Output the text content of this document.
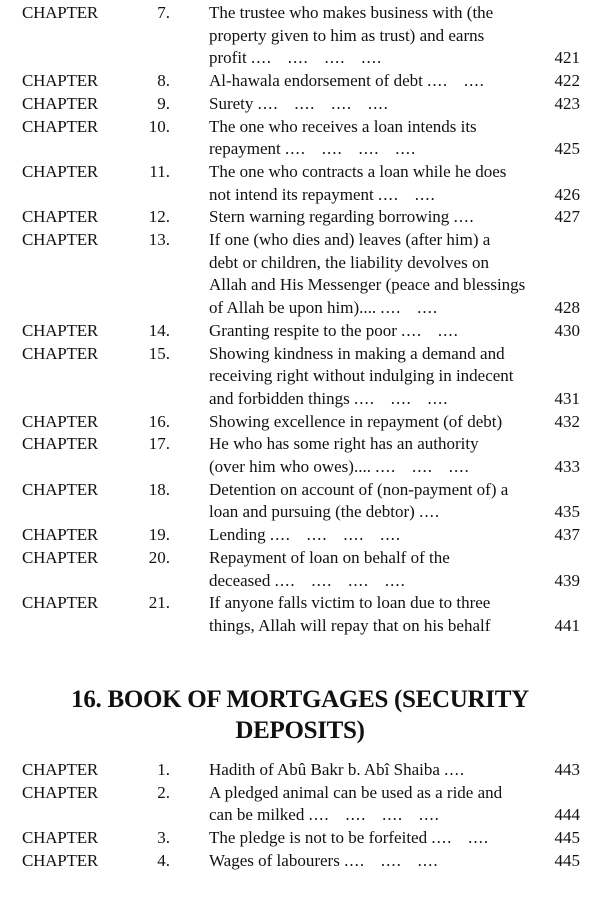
CHAPTER	7. The trustee who makes business with (the
property given to him as trust) and earns
profit ....   ....   ....   ....	421
CHAPTER	8. Al-hawala endorsement of debt ....   ....	422
CHAPTER	9. Surety ....   ....   ....   ....	423
CHAPTER	10. The one who receives a loan intends its
repayment ....   ....   ....   ....	425
CHAPTER	11. The one who contracts a loan while he does
not intend its repayment ....   ....	426
CHAPTER	12. Stern warning regarding borrowing ....	427
CHAPTER	13. If one (who dies and) leaves (after him) a
debt or children, the liability devolves on
Allah and His Messenger (peace and blessings
of Allah be upon him).... ....   ....	428
CHAPTER	14. Granting respite to the poor ....   ....	430
CHAPTER	15. Showing kindness in making a demand and
receiving right without indulging in indecent
and forbidden things ....   ....   ....	431
CHAPTER	16. Showing excellence in repayment (of debt)	432
CHAPTER	17. He who has some right has an authority
(over him who owes).... ....   ....   ....	433
CHAPTER	18. Detention on account of (non-payment of) a
loan and pursuing (the debtor) ....	435
CHAPTER	19. Lending ....   ....   ....   ....	437
CHAPTER	20. Repayment of loan on behalf of the
deceased ....   ....   ....   ....	439
CHAPTER	21. If anyone falls victim to loan due to three
things, Allah will repay that on his behalf	441
16. BOOK OF MORTGAGES (SECURITY
DEPOSITS)
CHAPTER	1. Hadith of Abû Bakr b. Abî Shaiba ....	443
CHAPTER	2. A pledged animal can be used as a ride and
can be milked ....   ....   ....   ....	444
CHAPTER	3. The pledge is not to be forfeited ....   ....	445
CHAPTER	4. Wages of labourers ....   ....   ....	445
